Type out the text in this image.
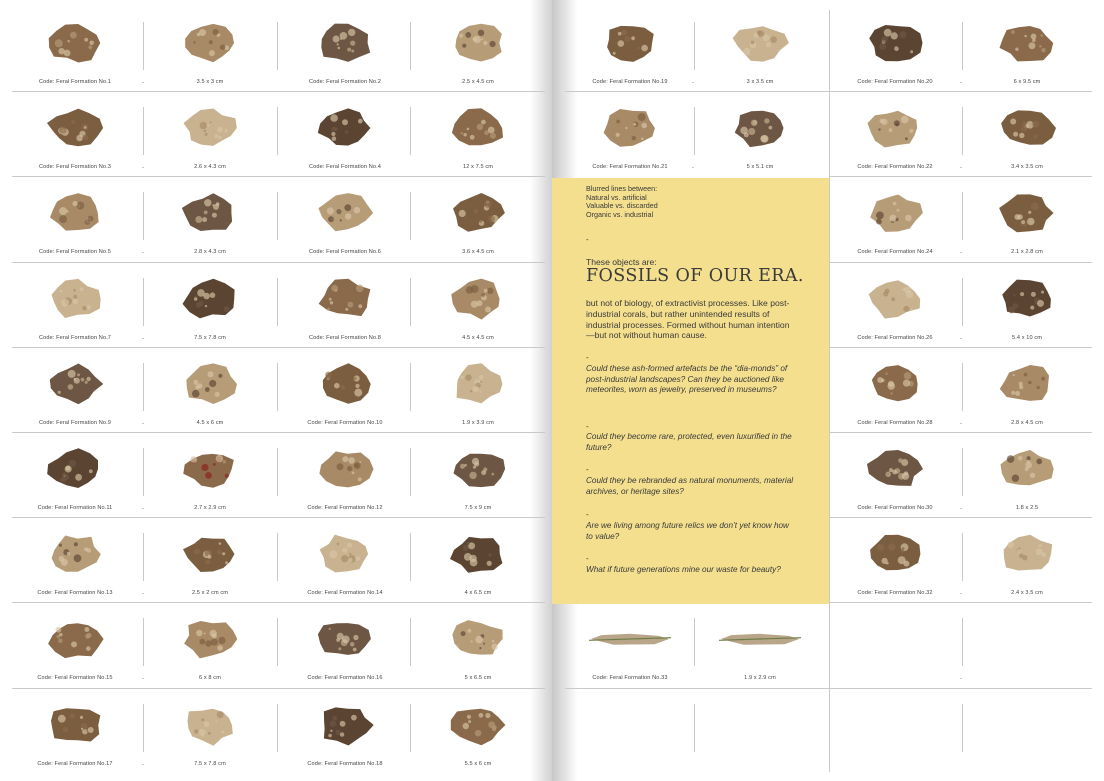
Blurred lines between:
Natural vs. artificial
Valuable vs. discarded
Organic vs. industrial
-
These objects are:
FOSSILS OF OUR ERA.
but not of biology, of extractivist processes. Like post-industrial corals, but rather unintended results of industrial processes. Formed without human intention—but not without human cause.
-
Could these ash-formed artefacts be the “dia-monds” of post-industrial landscapes? Can they be auctioned like meteorites, worn as jewelry, preserved in museums?
-
Could they become rare, protected, even luxurified in the future?
-
Could they be rebranded as natural monuments, material archives, or heritage sites?
-
Are we living among future relics we don’t yet know how to value?
-
What if future generations mine our waste for beauty?
Code: Feral Formation No.1	3.5 x 3 cm	Code: Feral Formation No.2	2.5 x 4.5 cm
-
Code: Feral Formation No.3	2.6 x 4.3 cm	Code: Feral Formation No.4	12 x 7.5 cm
-
Code: Feral Formation No.5	2.8 x 4.3 cm	Code: Feral Formation No.6	3.6 x 4.5 cm
-
Code: Feral Formation No.7	7.5 x 7.8 cm	Code: Feral Formation No.8	4.5 x 4.5 cm
-
Code: Feral Formation No.9	4.5 x 6 cm	Code: Feral Formation No.10	1.9 x 3.9 cm
-
Code: Feral Formation No.11	2.7 x 2.9 cm	Code: Feral Formation No.12	7.5 x 9 cm
-
Code: Feral Formation No.13	2.5 x 2 cm cm	Code: Feral Formation No.14	4 x 6.5 cm
-
Code: Feral Formation No.15	6 x 8 cm	Code: Feral Formation No.16	5 x 6.5 cm
-
Code: Feral Formation No.17	7.5 x 7.8 cm	Code: Feral Formation No.18	5.5 x 6 cm
-
Code: Feral Formation No.19	3 x 3.5 cm	Code: Feral Formation No.20	6 x 9.5 cm
-	-
Code: Feral Formation No.21	5 x 5.1 cm	Code: Feral Formation No.22	3.4 x 3.5 cm
-	-
Code: Feral Formation No.24	2.1 x 2.8 cm
-
Code: Feral Formation No.26	5.4 x 10 cm
-
Code: Feral Formation No.28	2.8 x 4.5 cm
-
Code: Feral Formation No.30	1.8 x 2.5
-
Code: Feral Formation No.32	2.4 x 3.5 cm
-
Code: Feral Formation No.33	1.9 x 2.9 cm	-
